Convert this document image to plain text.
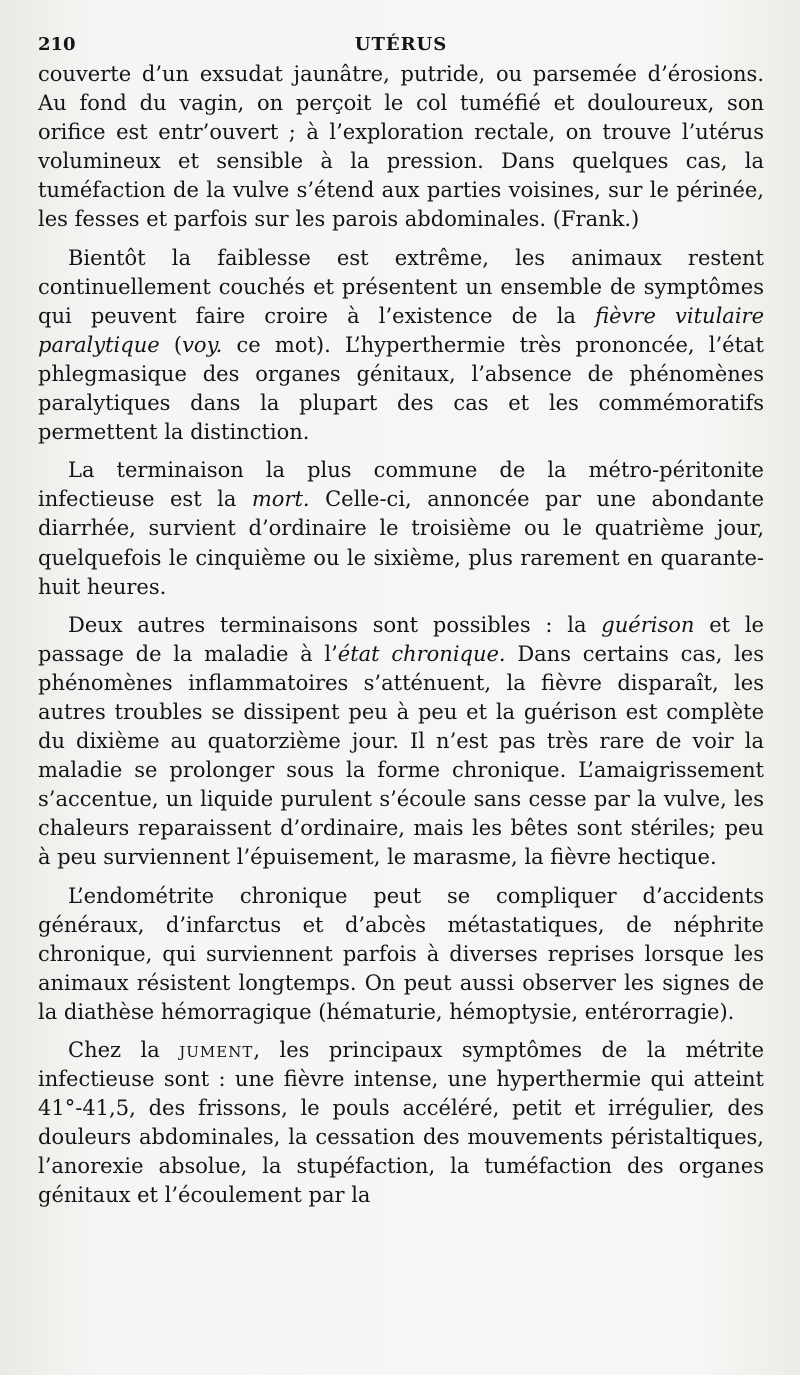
210	UTÉRUS

couverte d’un exsudat jaunâtre, putride, ou parsemée d’érosions. Au fond du vagin, on perçoit le col tuméfié et douloureux, son orifice est entr’ouvert ; à l’exploration rectale, on trouve l’utérus volumineux et sensible à la pression. Dans quelques cas, la tuméfaction de la vulve s’étend aux parties voisines, sur le périnée, les fesses et parfois sur les parois abdominales. (Frank.)

Bientôt la faiblesse est extrême, les animaux restent continuellement couchés et présentent un ensemble de symptômes qui peuvent faire croire à l’existence de la fièvre vitulaire paralytique (voy. ce mot). L’hyperthermie très prononcée, l’état phlegmasique des organes génitaux, l’absence de phénomènes paralytiques dans la plupart des cas et les commémoratifs permettent la distinction.

La terminaison la plus commune de la métro-péritonite infectieuse est la mort. Celle-ci, annoncée par une abondante diarrhée, survient d’ordinaire le troisième ou le quatrième jour, quelquefois le cinquième ou le sixième, plus rarement en quarante-huit heures.

Deux autres terminaisons sont possibles : la guérison et le passage de la maladie à l’état chronique. Dans certains cas, les phénomènes inflammatoires s’atténuent, la fièvre disparaît, les autres troubles se dissipent peu à peu et la guérison est complète du dixième au quatorzième jour. Il n’est pas très rare de voir la maladie se prolonger sous la forme chronique. L’amaigrissement s’accentue, un liquide purulent s’écoule sans cesse par la vulve, les chaleurs reparaissent d’ordinaire, mais les bêtes sont stériles; peu à peu surviennent l’épuisement, le marasme, la fièvre hectique.

L’endométrite chronique peut se compliquer d’accidents généraux, d’infarctus et d’abcès métastatiques, de néphrite chronique, qui surviennent parfois à diverses reprises lorsque les animaux résistent longtemps. On peut aussi observer les signes de la diathèse hémorragique (hématurie, hémoptysie, entérorragie).

Chez la jument, les principaux symptômes de la métrite infectieuse sont : une fièvre intense, une hyperthermie qui atteint 41°-41,5, des frissons, le pouls accéléré, petit et irrégulier, des douleurs abdominales, la cessation des mouvements péristaltiques, l’anorexie absolue, la stupéfaction, la tuméfaction des organes génitaux et l’écoulement par la
